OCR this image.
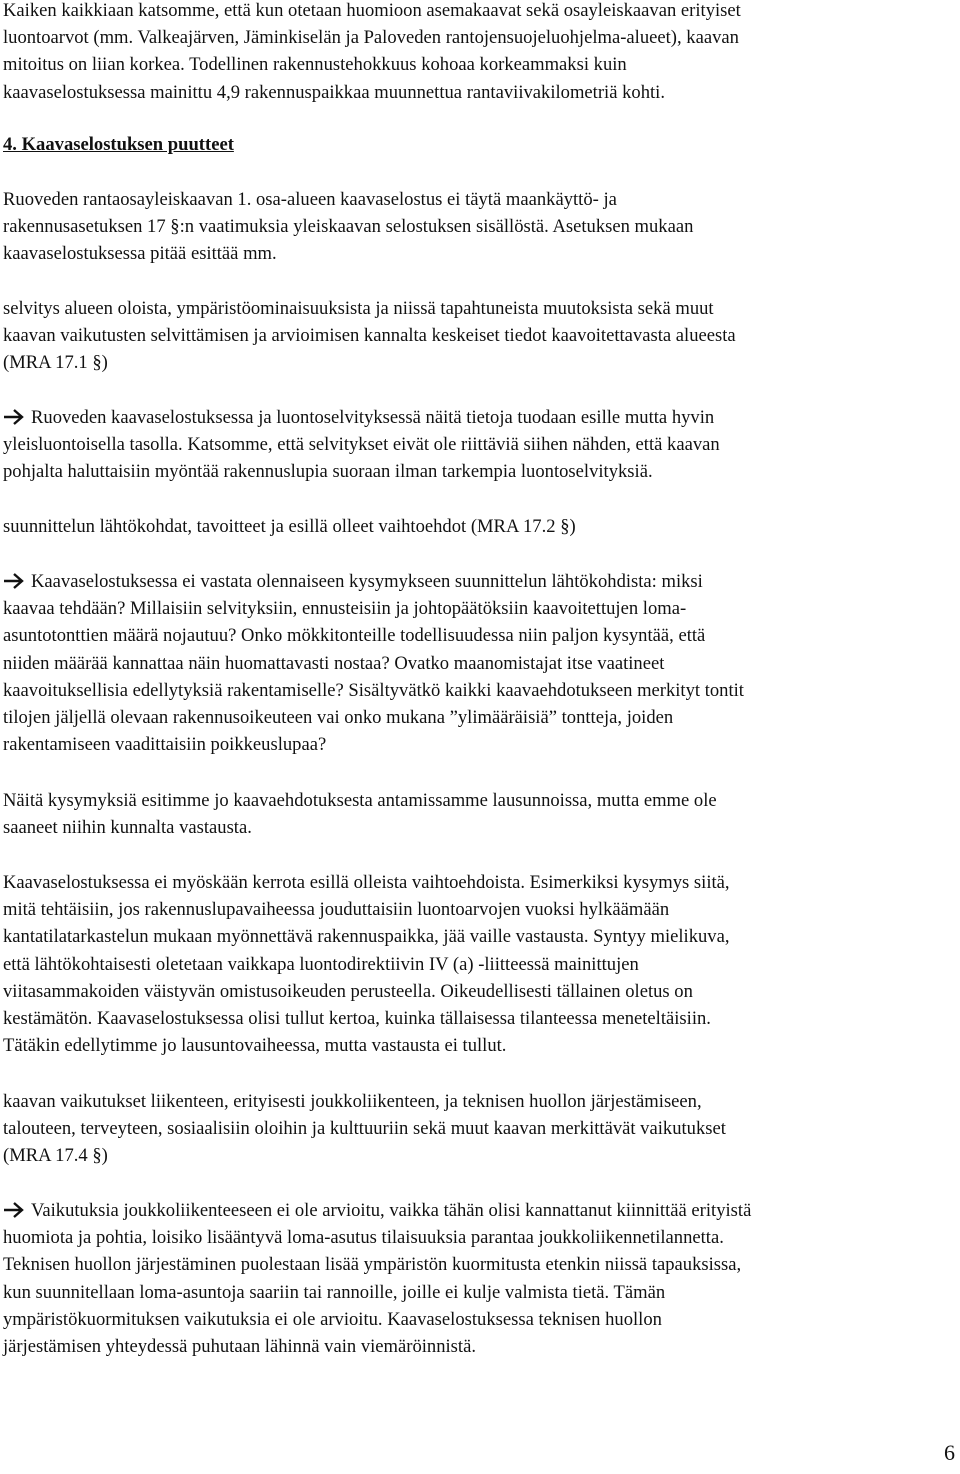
Kaiken kaikkiaan katsomme, että kun otetaan huomioon asemakaavat sekä osayleiskaavan erityiset

luontoarvot (mm. Valkeajärven, Jäminkiselän ja Paloveden rantojensuojeluohjelma-alueet), kaavan

mitoitus on liian korkea. Todellinen rakennustehokkuus kohoaa korkeammaksi kuin

kaavaselostuksessa mainittu 4,9 rakennuspaikkaa muunnettua rantaviivakilometriä kohti.

4. Kaavaselostuksen puutteet

Ruoveden rantaosayleiskaavan 1. osa-alueen kaavaselostus ei täytä maankäyttö- ja

rakennusasetuksen 17 §:n vaatimuksia yleiskaavan selostuksen sisällöstä. Asetuksen mukaan

kaavaselostuksessa pitää esittää mm.

selvitys alueen oloista, ympäristöominaisuuksista ja niissä tapahtuneista muutoksista sekä muut

kaavan vaikutusten selvittämisen ja arvioimisen kannalta keskeiset tiedot kaavoitettavasta alueesta

(MRA 17.1 §)

Ruoveden kaavaselostuksessa ja luontoselvityksessä näitä tietoja tuodaan esille mutta hyvin

yleisluontoisella tasolla. Katsomme, että selvitykset eivät ole riittäviä siihen nähden, että kaavan

pohjalta haluttaisiin myöntää rakennuslupia suoraan ilman tarkempia luontoselvityksiä.

suunnittelun lähtökohdat, tavoitteet ja esillä olleet vaihtoehdot (MRA 17.2 §)

Kaavaselostuksessa ei vastata olennaiseen kysymykseen suunnittelun lähtökohdista: miksi

kaavaa tehdään? Millaisiin selvityksiin, ennusteisiin ja johtopäätöksiin kaavoitettujen loma-

asuntotonttien määrä nojautuu? Onko mökkitonteille todellisuudessa niin paljon kysyntää, että

niiden määrää kannattaa näin huomattavasti nostaa? Ovatko maanomistajat itse vaatineet

kaavoituksellisia edellytyksiä rakentamiselle? Sisältyvätkö kaikki kaavaehdotukseen merkityt tontit

tilojen jäljellä olevaan rakennusoikeuteen vai onko mukana ”ylimääräisiä” tontteja, joiden

rakentamiseen vaadittaisiin poikkeuslupaa?

Näitä kysymyksiä esitimme jo kaavaehdotuksesta antamissamme lausunnoissa, mutta emme ole

saaneet niihin kunnalta vastausta.

Kaavaselostuksessa ei myöskään kerrota esillä olleista vaihtoehdoista. Esimerkiksi kysymys siitä,

mitä tehtäisiin, jos rakennuslupavaiheessa jouduttaisiin luontoarvojen vuoksi hylkäämään

kantatilatarkastelun mukaan myönnettävä rakennuspaikka, jää vaille vastausta. Syntyy mielikuva,

että lähtökohtaisesti oletetaan vaikkapa luontodirektiivin IV (a) -liitteessä mainittujen

viitasammakoiden väistyvän omistusoikeuden perusteella. Oikeudellisesti tällainen oletus on

kestämätön. Kaavaselostuksessa olisi tullut kertoa, kuinka tällaisessa tilanteessa meneteltäisiin.

Tätäkin edellytimme jo lausuntovaiheessa, mutta vastausta ei tullut.

kaavan vaikutukset liikenteen, erityisesti joukkoliikenteen, ja teknisen huollon järjestämiseen,

talouteen, terveyteen, sosiaalisiin oloihin ja kulttuuriin sekä muut kaavan merkittävät vaikutukset

(MRA 17.4 §)

Vaikutuksia joukkoliikenteeseen ei ole arvioitu, vaikka tähän olisi kannattanut kiinnittää erityistä

huomiota ja pohtia, loisiko lisääntyvä loma-asutus tilaisuuksia parantaa joukkoliikennetilannetta.

Teknisen huollon järjestäminen puolestaan lisää ympäristön kuormitusta etenkin niissä tapauksissa,

kun suunnitellaan loma-asuntoja saariin tai rannoille, joille ei kulje valmista tietä. Tämän

ympäristökuormituksen vaikutuksia ei ole arvioitu. Kaavaselostuksessa teknisen huollon

järjestämisen yhteydessä puhutaan lähinnä vain viemäröinnistä.

6
